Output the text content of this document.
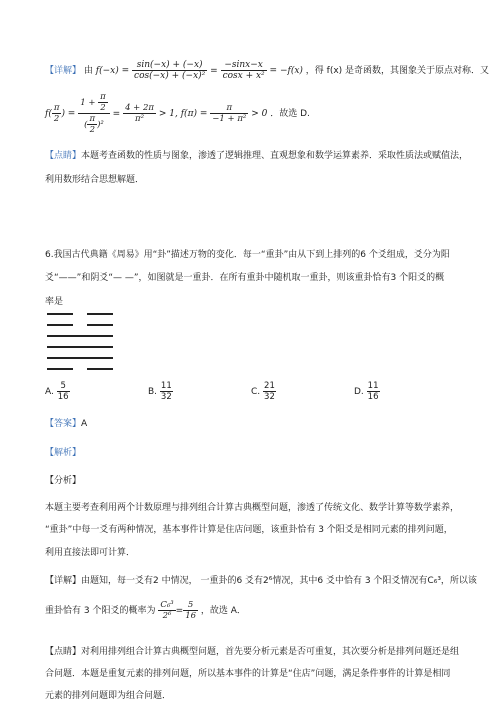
【详解】 由 $f(-x) = \frac{\sin(-x) + (-x)}{\text{cos(−x) + (−x)²}} = \frac{-\sin x-x}{\text{cosx + x²}} = -f(x)$ ，得 f(x) 是奇函数，其图象关于原点对称．又
$f( \frac{\pi}{2}$ ) = $\frac{1 + \frac{\pi}{2}}{( \frac{\pi}{2} )^2} = \frac{4 + 2\pi}{\text{π²}} > 1$, $f(\pi) = \frac{\pi}{\text{−1 + π²}} > 0$ ．故选 D.
【点睛】本题考查函数的性质与图象，渗透了逻辑推理、直观想象和数学运算素养．采取性质法或赋值法，
利用数形结合思想解题．
6.我国古代典籍《周易》用“卦”描述万物的变化．每一“重卦”由从下到上排列的6 个爻组成，爻分为阳
爻“——”和阴爻“— —”，如图就是一重卦．在所有重卦中随机取一重卦，则该重卦恰有3 个阳爻的概
率是
A. $\frac{5}{16}$	B. $\frac{11}{32}$	C. $\frac{21}{32}$	D. $\frac{11}{16}$
【答案】A
【解析】
【分析】
本题主要考查利用两个计数原理与排列组合计算古典概型问题，渗透了传统文化、数学计算等数学素养，
“重卦”中每一爻有两种情况，基本事件计算是住店问题，该重卦恰有 3 个阳爻是相同元素的排列问题，
利用直接法即可计算．
【详解】由题知，每一爻有2 中情况， 一重卦的6 爻有2⁶情况，其中6 爻中恰有 3 个阳爻情况有C₆³，所以该
重卦恰有 3 个阳爻的概率为 $\frac{\text{C₆³}}{\text{2⁶}} = \frac{5}{16}$ ，故选 A．
【点睛】对利用排列组合计算古典概型问题，首先要分析元素是否可重复，其次要分析是排列问题还是组
合问题．本题是重复元素的排列问题，所以基本事件的计算是“住店”问题，满足条件事件的计算是相同
元素的排列问题即为组合问题．
